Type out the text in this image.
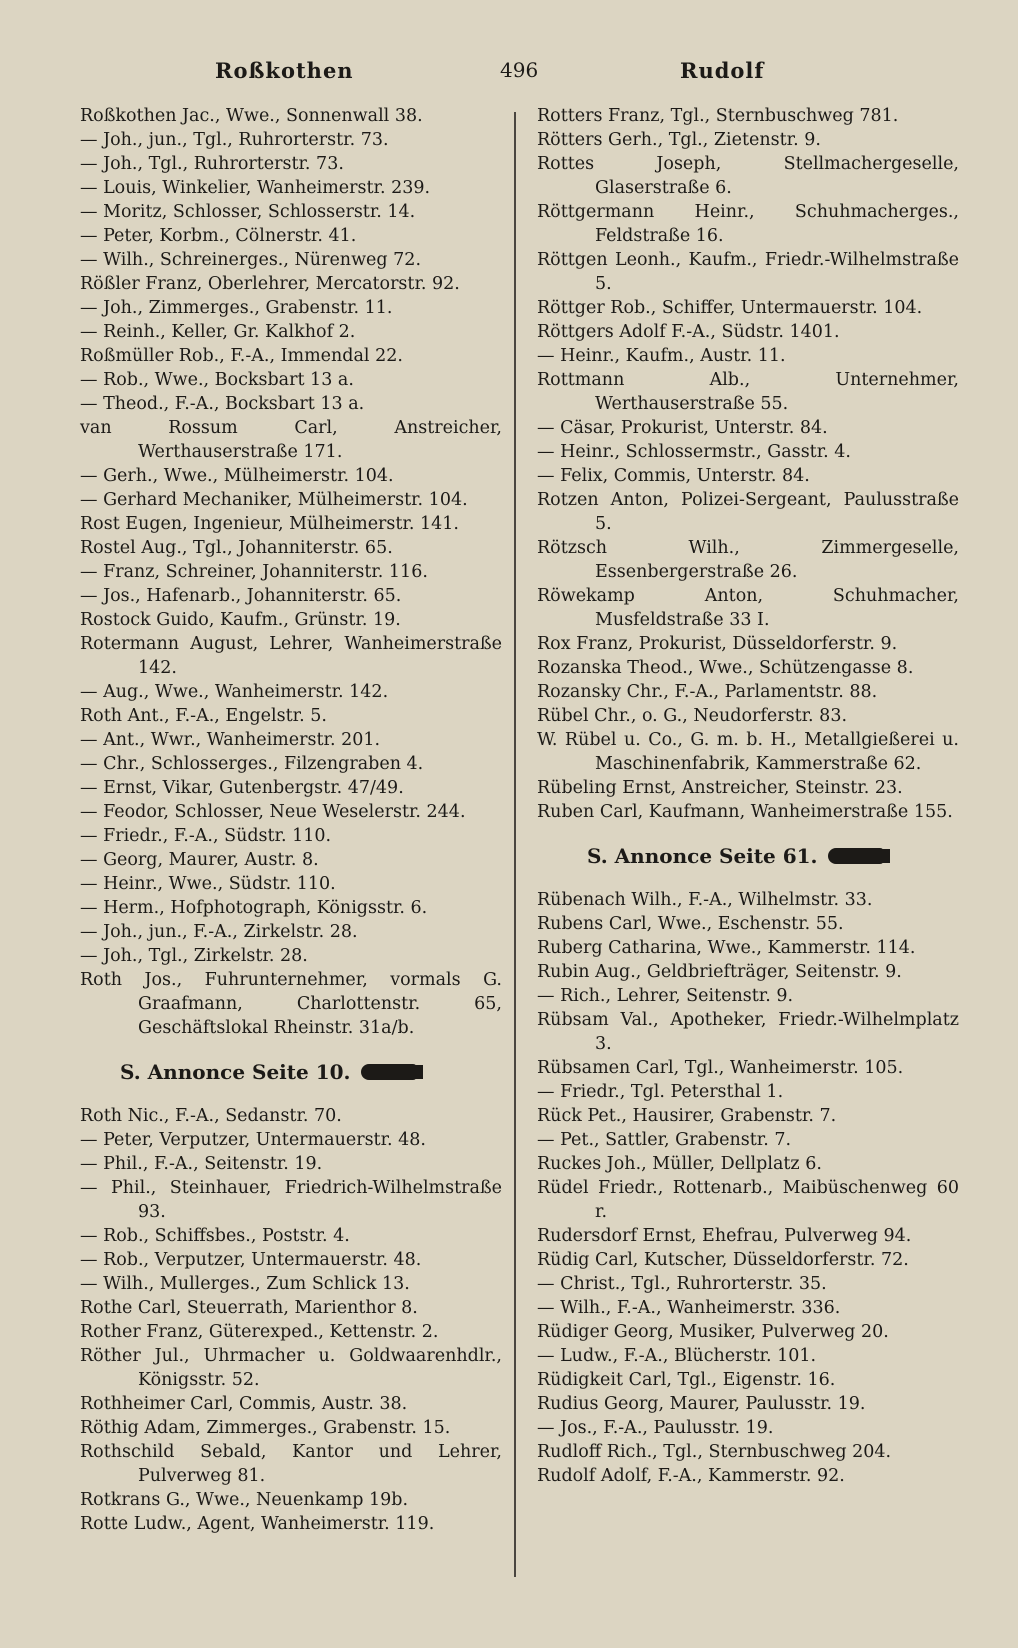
Roßkothen	496	Rudolf
Roßkothen Jac., Wwe., Sonnenwall 38.
— Joh., jun., Tgl., Ruhrorterstr. 73.
— Joh., Tgl., Ruhrorterstr. 73.
— Louis, Winkelier, Wanheimerstr. 239.
— Moritz, Schlosser, Schlosserstr. 14.
— Peter, Korbm., Cölnerstr. 41.
— Wilh., Schreinerges., Nürenweg 72.
Rößler Franz, Oberlehrer, Mercatorstr. 92.
— Joh., Zimmerges., Grabenstr. 11.
— Reinh., Keller, Gr. Kalkhof 2.
Roßmüller Rob., F.-A., Immendal 22.
— Rob., Wwe., Bocksbart 13 a.
— Theod., F.-A., Bocksbart 13 a.
van Rossum Carl, Anstreicher, Werthauserstraße 171.
— Gerh., Wwe., Mülheimerstr. 104.
— Gerhard Mechaniker, Mülheimerstr. 104.
Rost Eugen, Ingenieur, Mülheimerstr. 141.
Rostel Aug., Tgl., Johanniterstr. 65.
— Franz, Schreiner, Johanniterstr. 116.
— Jos., Hafenarb., Johanniterstr. 65.
Rostock Guido, Kaufm., Grünstr. 19.
Rotermann August, Lehrer, Wanheimerstraße 142.
— Aug., Wwe., Wanheimerstr. 142.
Roth Ant., F.-A., Engelstr. 5.
— Ant., Wwr., Wanheimerstr. 201.
— Chr., Schlosserges., Filzengraben 4.
— Ernst, Vikar, Gutenbergstr. 47/49.
— Feodor, Schlosser, Neue Weselerstr. 244.
— Friedr., F.-A., Südstr. 110.
— Georg, Maurer, Austr. 8.
— Heinr., Wwe., Südstr. 110.
— Herm., Hofphotograph, Königsstr. 6.
— Joh., jun., F.-A., Zirkelstr. 28.
— Joh., Tgl., Zirkelstr. 28.
Roth Jos., Fuhrunternehmer, vormals G. Graafmann, Charlottenstr. 65, Geschäftslokal Rheinstr. 31a/b.
S. Annonce Seite 10.
Roth Nic., F.-A., Sedanstr. 70.
— Peter, Verputzer, Untermauerstr. 48.
— Phil., F.-A., Seitenstr. 19.
— Phil., Steinhauer, Friedrich-Wilhelmstraße 93.
— Rob., Schiffsbes., Poststr. 4.
— Rob., Verputzer, Untermauerstr. 48.
— Wilh., Mullerges., Zum Schlick 13.
Rothe Carl, Steuerrath, Marienthor 8.
Rother Franz, Güterexped., Kettenstr. 2.
Röther Jul., Uhrmacher u. Goldwaarenhdlr., Königsstr. 52.
Rothheimer Carl, Commis, Austr. 38.
Röthig Adam, Zimmerges., Grabenstr. 15.
Rothschild Sebald, Kantor und Lehrer, Pulverweg 81.
Rotkrans G., Wwe., Neuenkamp 19b.
Rotte Ludw., Agent, Wanheimerstr. 119.
Rotters Franz, Tgl., Sternbuschweg 781.
Rötters Gerh., Tgl., Zietenstr. 9.
Rottes Joseph, Stellmachergeselle, Glaserstraße 6.
Röttgermann Heinr., Schuhmacherges., Feldstraße 16.
Röttgen Leonh., Kaufm., Friedr.-Wilhelmstraße 5.
Röttger Rob., Schiffer, Untermauerstr. 104.
Röttgers Adolf F.-A., Südstr. 1401.
— Heinr., Kaufm., Austr. 11.
Rottmann Alb., Unternehmer, Werthauserstraße 55.
— Cäsar, Prokurist, Unterstr. 84.
— Heinr., Schlossermstr., Gasstr. 4.
— Felix, Commis, Unterstr. 84.
Rotzen Anton, Polizei-Sergeant, Paulusstraße 5.
Rötzsch Wilh., Zimmergeselle, Essenbergerstraße 26.
Röwekamp Anton, Schuhmacher, Musfeldstraße 33 I.
Rox Franz, Prokurist, Düsseldorferstr. 9.
Rozanska Theod., Wwe., Schützengasse 8.
Rozansky Chr., F.-A., Parlamentstr. 88.
Rübel Chr., o. G., Neudorferstr. 83.
W. Rübel u. Co., G. m. b. H., Metallgießerei u. Maschinenfabrik, Kammerstraße 62.
Rübeling Ernst, Anstreicher, Steinstr. 23.
Ruben Carl, Kaufmann, Wanheimerstraße 155.
S. Annonce Seite 61.
Rübenach Wilh., F.-A., Wilhelmstr. 33.
Rubens Carl, Wwe., Eschenstr. 55.
Ruberg Catharina, Wwe., Kammerstr. 114.
Rubin Aug., Geldbriefträger, Seitenstr. 9.
— Rich., Lehrer, Seitenstr. 9.
Rübsam Val., Apotheker, Friedr.-Wilhelmplatz 3.
Rübsamen Carl, Tgl., Wanheimerstr. 105.
— Friedr., Tgl. Petersthal 1.
Rück Pet., Hausirer, Grabenstr. 7.
— Pet., Sattler, Grabenstr. 7.
Ruckes Joh., Müller, Dellplatz 6.
Rüdel Friedr., Rottenarb., Maibüschenweg 60 r.
Rudersdorf Ernst, Ehefrau, Pulverweg 94.
Rüdig Carl, Kutscher, Düsseldorferstr. 72.
— Christ., Tgl., Ruhrorterstr. 35.
— Wilh., F.-A., Wanheimerstr. 336.
Rüdiger Georg, Musiker, Pulverweg 20.
— Ludw., F.-A., Blücherstr. 101.
Rüdigkeit Carl, Tgl., Eigenstr. 16.
Rudius Georg, Maurer, Paulusstr. 19.
— Jos., F.-A., Paulusstr. 19.
Rudloff Rich., Tgl., Sternbuschweg 204.
Rudolf Adolf, F.-A., Kammerstr. 92.
